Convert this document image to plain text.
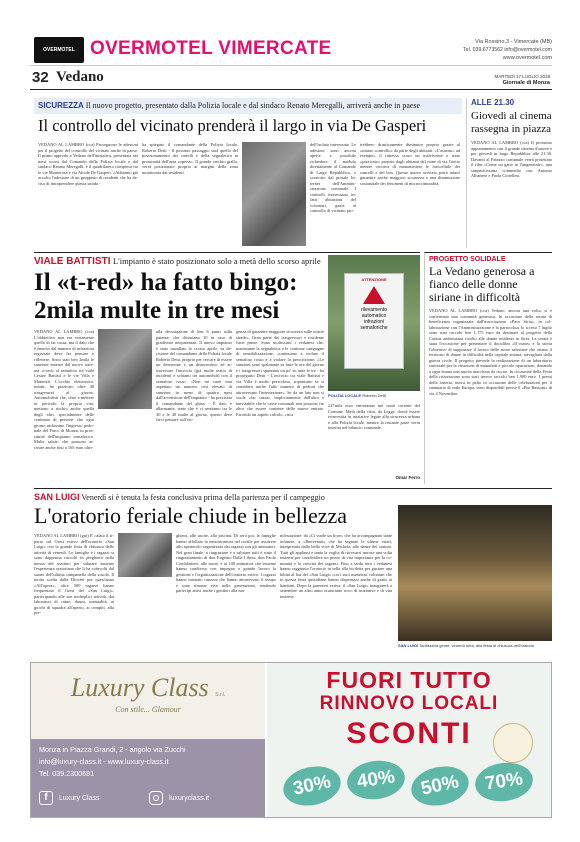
OVERMOTEL OVERMOTEL VIMERCATE	Via Rossino,3 - Vimercate (MB)
Tel. 039.6773562 info@overmotel.com
www.overmotel.com
32 Vedano	MARTEDÌ 17 LUGLIO 2018
Giornale di Monza
SICUREZZA Il nuovo progetto, presentato dalla Polizia locale e dal sindaco Renato Meregalli, arriverà anche in paese
Il controllo del vicinato prenderà il largo in via De Gasperi
VEDANO AL LAMBRO (cca) Proseguono le adesioni per il progetto del controllo del vicinato anche in paese. Il primo approdo a Vedano dell'iniziativa, presentata nei mesi scorsi dal Comando della Polizia locale e dal sindaco Renato Meregalli, è il quadrilatero compreso tra le vie Monterosa e via Alcide De Gasperi. «Abbiamo già accolto l'adesione di un gruppetto di residenti che ha deciso di intraprendere questa strada -
ha spiegato il comandante della Polizia locale, Roberto Detti - Il possimo passaggio sarà quello del posizionamento dei cartelli e della segnaletica in prossimità dell'area coperta». Il grande cerchio giallo, verrà posizionato proprio ai margini della zona monitorata dai residenti
dell'isolato interessato. Le adesioni sono ancora aperte e possibile richiedere il modulo direttamente al Comando di Largo Repubblica, o scaricato dal portale Internet dell'Amministrazione comunale. I controlli interessano infatti abitazioni del volontari, gazie al controllo di vicinato pro-
trebbero drasticamente diminuire proprio grazie al «mutuo controllo» da parte degli abitanti. «L'assenso, ad esempio, il rimessa scoro un malvivente e stato «pizzicato» proprio dagli abitanti del rione di via Giotto mentre cercava di manomettere le fotocellule dei cancelli e del box. Questo nuovo servizio potrà infatti garantire anche maggiori sicurezza e una diminuzione sostanziale dei fenomeni di microcriminalità.
ALLE 21.30
Giovedì al cinema rassegna in piazza
VEDANO AL LAMBRO (cca) Il prossimo appuntamento con il grande cinema d'autore e per giovedì in largo Repubblica alle 21.30. Davanti al Palazzo comunale verrà proiettato il film «Come un gatto in Tangenziale», una simpaticissima commedia con Antonio Albanese e Paola Cortellesi.
VIALE BATTISTI L'impianto è stato posizionato solo a metà dello scorso aprile
Il «t-red» ha fatto bingo:
2mila multe in tre mesi
VEDANO AL LAMBRO (cca) L'obbiettivo non era certamente quello di far cassa, ma il dato che è emerso dal numero di infrazioni registrate deve far pensare e riflettere. Sono stati ben 2mila le sanzioni emesse dal nuovo sistema «t-red» al semaforo tra viale Cesare Battisti e le vie Villa e Matteotti. L'occhio elettronico, infatti, ha pizzicato oltre 40 trasgressori al giorno. Automobilisti che, oltre a mettere in pericolo la propria vita, mettono a rischio anche quella degli altri, specialmente delle centinaia di persone che ogni giorno utilizzano l'ingresso pedonale del Parco di Monza, in prossimità dell'impianto semaforico. Multe salate, che possono arrivare anche fino a 165 euro oltre
alla decurtazione di ben 6 punti sulla patente, che diventano 10 in caso di gradiviste neopatentati. Il nuovo impianto è stato installato lo scorso aprile, su decisione del comandante della Polizia locale Roberto Detti, proprio per cercare di essere un deterrente e un disincentivo ad attraversare l'incrocio (già molte teatro di incidenti e schianti tra automobili) con il semaforo rosso. «Non mi sarei mai aspettato un numero così elevato di sanzioni in meno di quattro mesi dall'accensione dell'impianto - ha precisato il comandante del ghisa - È dato e allarmante, tanto che è ci sentiamo tra le 30 e le 40 multe al giorno, questo deve farci pensare sull'esi-
genza di garantire maggiore sicurezza sulle nostre strade». Gran parte dei trasgressori e residente fuori paese. Sono moltissimi i vedanesi che, nonostante la segnaletica e le continue campagne di sensibilizzazione, continuano a violare il semaforo rosso e a violare la prescrizione. «Le sanzioni sono spalmante su tutte le ore del giorno e i trasgressori spuntano un po' su tutte le tre - ha proseguito Detti - L'incrocio tra viale Battisti e via Villa è molto pericoloso, soprattutto se si considera anche l'alto numero di pedoni che attraversano l'intersezione». Se da un lato non si vuole «far cassa», implicitamente dall'altro è inevitabile che le casse comunali non possono far altro che essere contente delle nuove entrate. Facendo un rapido calcolo, circa
ATTENZIONE
rilevamento
automatico
infrazioni
semaforiche
POLIZIA LOCALE Roberto Detti
227mila euro entreranno nei conti correnti del Comune. Metà della cifra, da Legge, dovrà essere reinvestita in iniziative legate alla sicurezza urbana e alla Polizia locale, mentre la restante parte verrà inserita nel bilancio comunale.
Omar Ferro
PROGETTO SOLIDALE
La Vedano generosa a fianco delle donne siriane in difficoltà
VEDANO AL LAMBRO (cca) Vedano, ancora una volta, si è confermata una comunità generosa. In occasione della serata di beneficenza organizzata dall'associazione «Pace Siria», in collaborazione con l'Amministrazione e la parrocchia, lo scorso 7 luglio sono stati raccolti ben 1.175 euro da destinare al progetto della Caritas ambrosiana rivolto alle donne residenti in Siria. La serata è stata l'occasione per presentare il docufilm «Il mare» e la storia l'obiettivo di supportare il lavoro delle suore salesiane che ottano il territorio di donne in difficoltà nella capitale siriana, travagliata dalla guerra civile. Il progetto prevede la realizzazione di un laboratorio sartoriale per la creazione di manufatti e piccole riparazioni, donando a ogni donna una nuova macchina da cucire. In occasione della Festa della ristorazione sono stati invece raccolti ben 1.900 euro. I premi della lotteria, messi in palio in occasione delle celebrazioni per il sannuario di viale Europa, sono disponibili presso il «Bar Bassoni» di via 4 Novembre.
SAN LUIGI Venerdì si è tenuta la festa conclusiva prima della partenza per il campeggio
L'oratorio feriale chiude in bellezza
VEDANO AL LAMBRO (gnt) E' calato il sipario sul Grest estivo dell'oratorio «San Luigi» con la grande festa di chiusura delle attività di venerdì. Le famiglie e i ragazzi si sono dapprima raccolti in preghiera nella messa del mattino per salutare insieme l'esperienza oratoriana che li ha coinvolti dal suono dell'ultima campanella della scuola. Il motto scelto dalla Diocesi per quest'anno «All'opera», oltre 500 ragazzi hanno frequentato il Grest del «San Luigi», partecipando alle sue molteplici attività, dai laboratori di canto, danza, manualità, ai giochi di squadra all'aperto, ai compiti, alla pre-
ghiera, alle uscite, alla piscina. Di sera poi, le famiglie hanno affollato la tensostruttura nel cortile per assistere allo spettacolo organizzato dai ragazzi con gli animatori. Nel gran finale, a ringraziare e a salutare tutti è stato il ringraziamento di don Eugenio Dalla Libera, don Paolo Confalonieri, alle suore, e ai 100 animatori che insieme hanno condiviso con impegno e grande lavoro la gestione e l'organizzazione dell'oratorio estivo. I ragazzi hanno intonato canzoni che hanno attraversato il tempo e sono rimaste vive nelle generazioni, rendendo partecipi attivi anche i genitori alla ma-
nifestazione: da «Ci vuole un fiore» che ha accompagnato tante infanzie, a «Benvenuti» che ha segnato le ultime estati, interpretata dalla bella voce di Michela, alle danze dei cartoni. Tutti gli applausi e tanta la voglia di ritrovarsi ancora una volta insieme per condividere un pezzo di vita importante per la comunità e la crescita dei ragazzi. Fino a tarda sera i vedanesi hanno raggiunto l'oratorio in sella alla biciletta per gustare una bibita al bar del «San Luigi» con i suoi numerosi volontari che in questa festa quotidiane hanno dispensato anche di gratis ai bambini. Dopo la parentesi estiva, il «San Luigi» inaugurerà a settembre un altro anno oratoriano ricco di iniziative e di vita insieme.
SAN LUIGI Tantissima gente, venerdì sera, alla festa di chiusura dell'oratorio
Luxury Class S.r.l.
Con stile... Glamour
Monza in Piazza Grandi, 2 - angolo via Zucchi
info@luxury-class.it - www.luxury-class.it
Tel. 039.2300681
f	Luxury Class	luxuryclass.it
FUORI TUTTO
RINNOVO LOCALI
SCONTI
30%	40%	50%	70%
